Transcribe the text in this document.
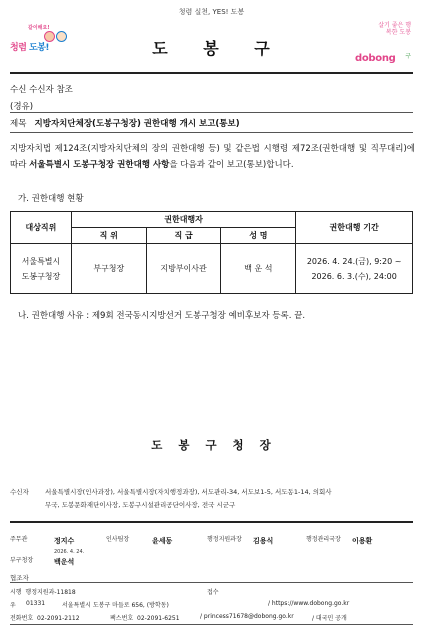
청렴 실천, YES! 도봉
같이해요!
청렴 도봉!	도 봉 구
살기 좋은 행복한 도봉
dobong 구
수신 수신자 참조
(경유)
제목 지방자치단체장(도봉구청장) 권한대행 개시 보고(통보)
지방자치법 제124조(지방자치단체의 장의 권한대행 등) 및 같은법 시행령 제72조(권한대행 및 직무대리)에 따라 서울특별시 도봉구청장 권한대행 사항을 다음과 같이 보고(통보)합니다.
가. 권한대행 현황
대상직위	권한대행자			권한대행 기간
	직 위	직 급	성 명	
서울특별시 도봉구청장	부구청장	지방부이사관	백 운 석	2026. 4. 24.(금), 9:20 ~
2026. 6. 3.(수), 24:00
나. 권한대행 사유 : 제9회 전국동시지방선거 도봉구청장 예비후보자 등록. 끝.
도 봉 구 청 장
수신자 서울특별시장(인사과장), 서울특별시장(자치행정과장), 서도관리-34, 서도보1-5, 서도동1-14, 의회사
무국, 도봉문화재단이사장, 도봉구시설관리공단이사장, 전국 시군구
주무관	정지수	인사팀장	윤세동	행정지원과장 김용식	행정관리국장 이용환
부구청장
2026. 4. 24.
백운석
협조자
시행 행정지원과-11818	접수
우 01331	서울특별시 도봉구 마들로 656, (방학동)	/ https://www.dobong.go.kr
전화번호 02-2091-2112	팩스번호 02-2091-6251	/ princess71678@dobong.go.kr	/ 대국민 공개
